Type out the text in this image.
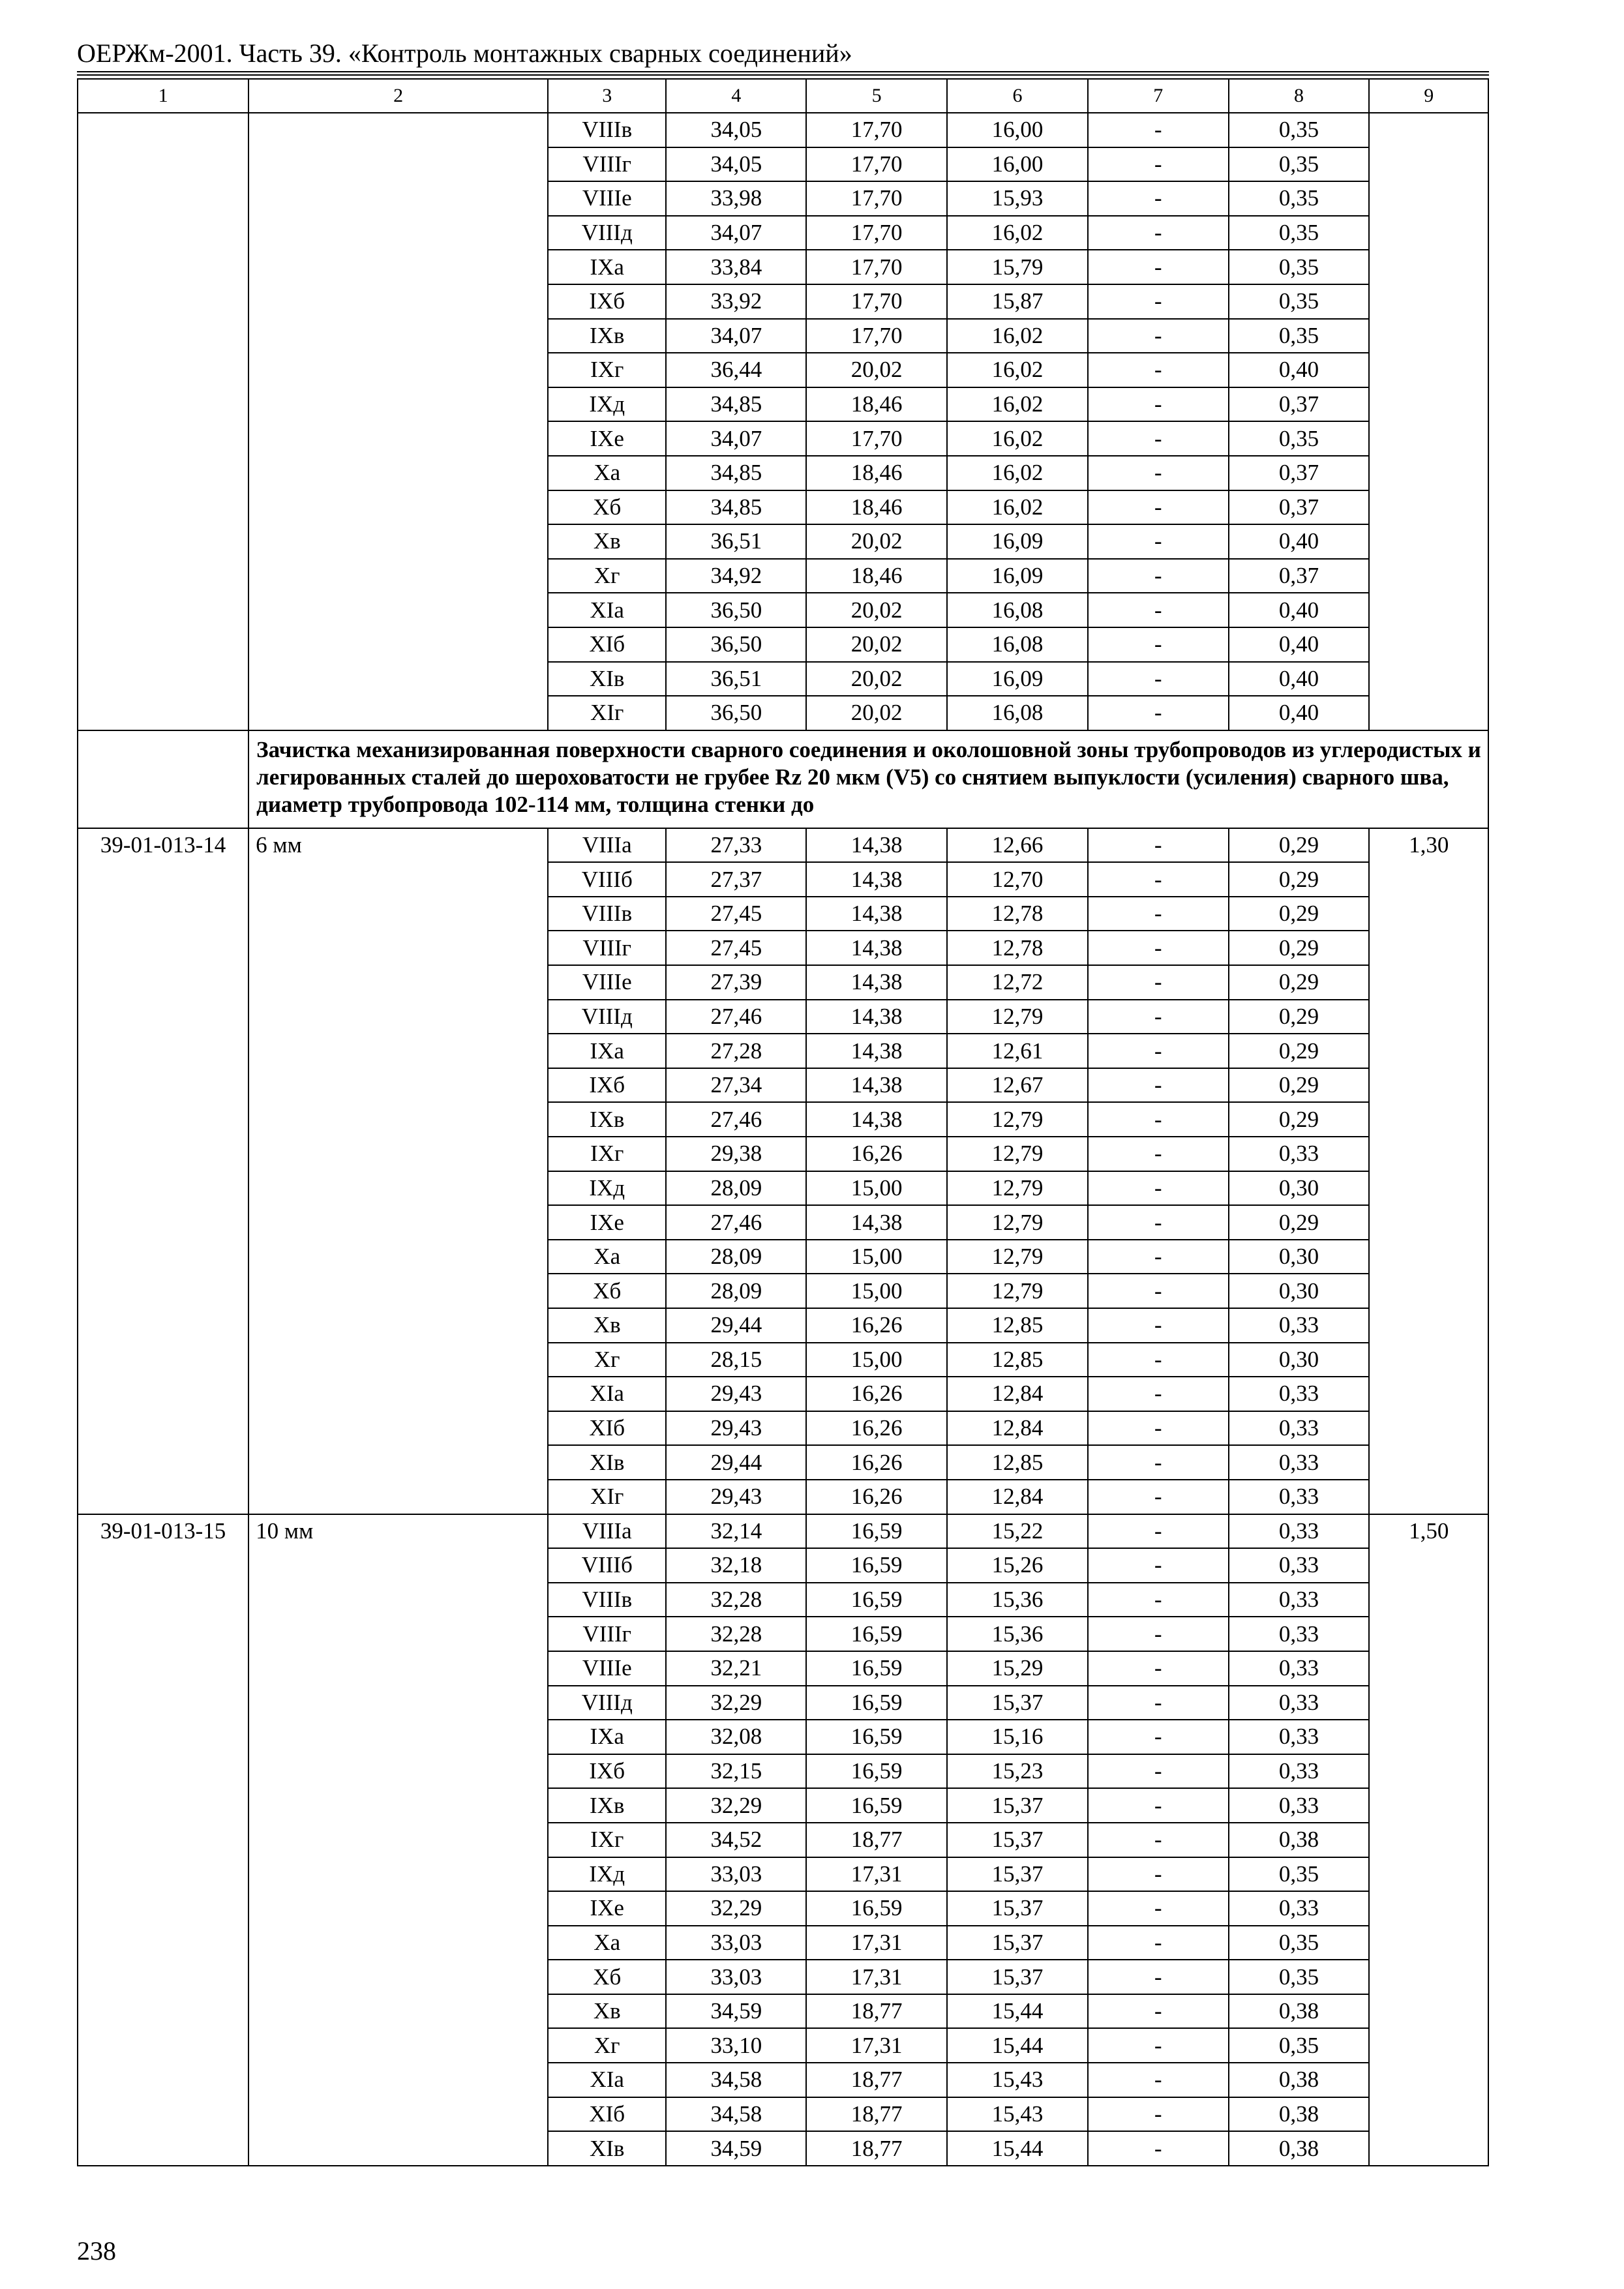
ОЕРЖм-2001. Часть 39. «Контроль монтажных сварных соединений»
1	2	3	4	5	6	7	8	9
		VIIIв	34,05	17,70	16,00	-	0,35	
		VIIIг	34,05	17,70	16,00	-	0,35	
		VIIIе	33,98	17,70	15,93	-	0,35	
		VIIIд	34,07	17,70	16,02	-	0,35	
		IXа	33,84	17,70	15,79	-	0,35	
		IXб	33,92	17,70	15,87	-	0,35	
		IXв	34,07	17,70	16,02	-	0,35	
		IXг	36,44	20,02	16,02	-	0,40	
		IXд	34,85	18,46	16,02	-	0,37	
		IXе	34,07	17,70	16,02	-	0,35	
		Xа	34,85	18,46	16,02	-	0,37	
		Xб	34,85	18,46	16,02	-	0,37	
		Xв	36,51	20,02	16,09	-	0,40	
		Xг	34,92	18,46	16,09	-	0,37	
		XIа	36,50	20,02	16,08	-	0,40	
		XIб	36,50	20,02	16,08	-	0,40	
		XIв	36,51	20,02	16,09	-	0,40	
		XIг	36,50	20,02	16,08	-	0,40	
	Зачистка механизированная поверхности сварного соединения и околошовной зоны трубопроводов из углеродистых и легированных сталей до шероховатости не грубее Rz 20 мкм (V5) со снятием выпуклости (усиления) сварного шва, диаметр трубопровода 102-114 мм, толщина стенки до							
39-01-013-14	6 мм	VIIIа	27,33	14,38	12,66	-	0,29	1,30
		VIIIб	27,37	14,38	12,70	-	0,29	
		VIIIв	27,45	14,38	12,78	-	0,29	
		VIIIг	27,45	14,38	12,78	-	0,29	
		VIIIе	27,39	14,38	12,72	-	0,29	
		VIIIд	27,46	14,38	12,79	-	0,29	
		IXа	27,28	14,38	12,61	-	0,29	
		IXб	27,34	14,38	12,67	-	0,29	
		IXв	27,46	14,38	12,79	-	0,29	
		IXг	29,38	16,26	12,79	-	0,33	
		IXд	28,09	15,00	12,79	-	0,30	
		IXе	27,46	14,38	12,79	-	0,29	
		Xа	28,09	15,00	12,79	-	0,30	
		Xб	28,09	15,00	12,79	-	0,30	
		Xв	29,44	16,26	12,85	-	0,33	
		Xг	28,15	15,00	12,85	-	0,30	
		XIа	29,43	16,26	12,84	-	0,33	
		XIб	29,43	16,26	12,84	-	0,33	
		XIв	29,44	16,26	12,85	-	0,33	
		XIг	29,43	16,26	12,84	-	0,33	
39-01-013-15	10 мм	VIIIа	32,14	16,59	15,22	-	0,33	1,50
		VIIIб	32,18	16,59	15,26	-	0,33	
		VIIIв	32,28	16,59	15,36	-	0,33	
		VIIIг	32,28	16,59	15,36	-	0,33	
		VIIIе	32,21	16,59	15,29	-	0,33	
		VIIIд	32,29	16,59	15,37	-	0,33	
		IXа	32,08	16,59	15,16	-	0,33	
		IXб	32,15	16,59	15,23	-	0,33	
		IXв	32,29	16,59	15,37	-	0,33	
		IXг	34,52	18,77	15,37	-	0,38	
		IXд	33,03	17,31	15,37	-	0,35	
		IXе	32,29	16,59	15,37	-	0,33	
		Xа	33,03	17,31	15,37	-	0,35	
		Xб	33,03	17,31	15,37	-	0,35	
		Xв	34,59	18,77	15,44	-	0,38	
		Xг	33,10	17,31	15,44	-	0,35	
		XIа	34,58	18,77	15,43	-	0,38	
		XIб	34,58	18,77	15,43	-	0,38	
		XIв	34,59	18,77	15,44	-	0,38	
238
